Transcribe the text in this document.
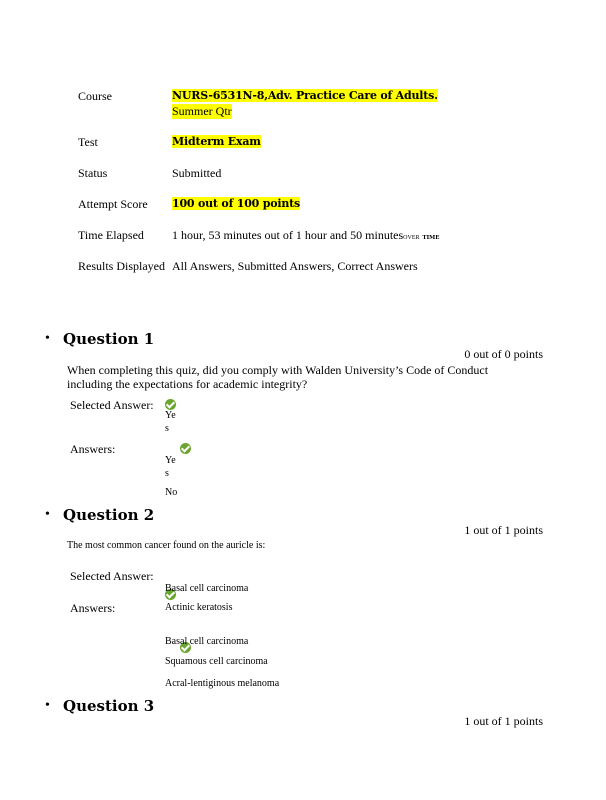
Course	NURS-6531N-8,Adv. Practice Care of Adults.
Summer Qtr
Test	Midterm Exam
Status	Submitted
Attempt Score 100 out of 100 points
Time Elapsed 1 hour, 53 minutes out of 1 hour and 50 minutesOVER TIME
Results Displayed All Answers, Submitted Answers, Correct Answers
• Question 1
0 out of 0 points
When completing this quiz, did you comply with Walden University’s Code of Conduct
including the expectations for academic integrity?
Selected Answer:

Ye
s
Answers:
Ye
s
No
• Question 2
1 out of 1 points
The most common cancer found on the auricle is:
Selected Answer:

Basal cell carcinoma
Answers:	Actinic keratosis
Basal cell carcinoma
Squamous cell carcinoma
Acral-lentiginous melanoma
• Question 3
1 out of 1 points
